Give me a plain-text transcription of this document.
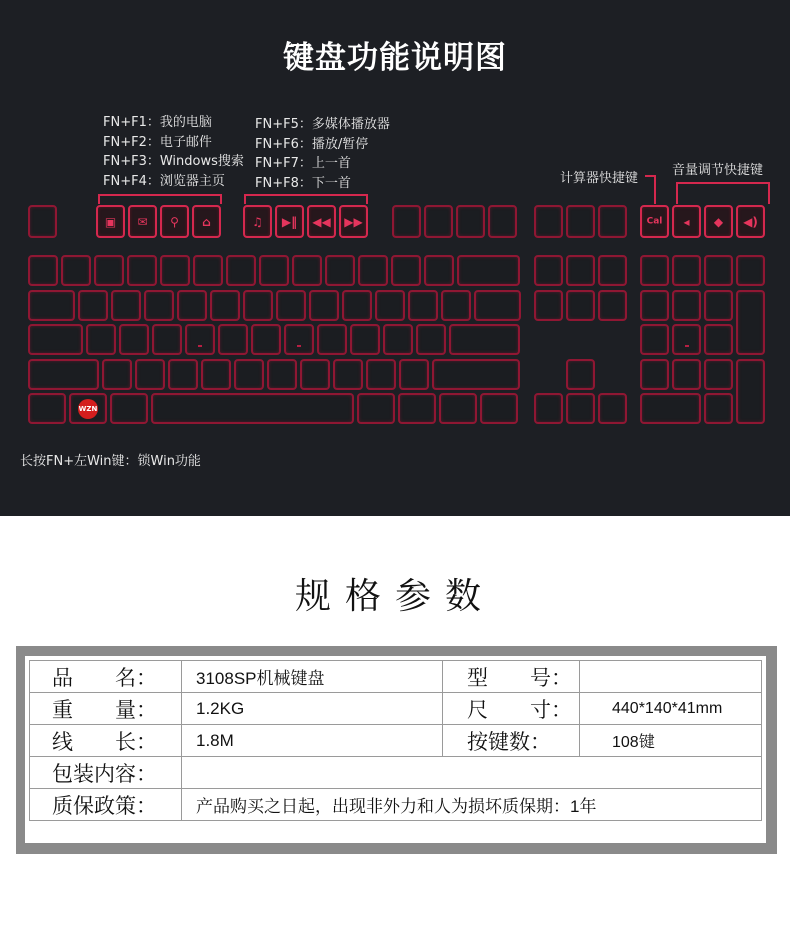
键盘功能说明图
FN+F1：我的电脑
FN+F2：电子邮件
FN+F3：Windows搜索
FN+F4：浏览器主页
FN+F5：多媒体播放器
FN+F6：播放/暂停
FN+F7：上一首
FN+F8：下一首	计算器快捷键
音量调节快捷键
▣	✉	⚲	⌂	♫	▶‖	◀◀ ▶▶	Cal	◂	◆	◀)
WZN
长按FN+左Win键：锁Win功能
规格参数
品　　名：	3108SP机械键盘	型　　号：	
重　　量：	1.2KG	尺　　寸：	440*140*41mm
线　　长：	1.8M	按键数：	108键
包装内容：			
质保政策：	产品购买之日起，出现非外力和人为损坏质保期：1年		
